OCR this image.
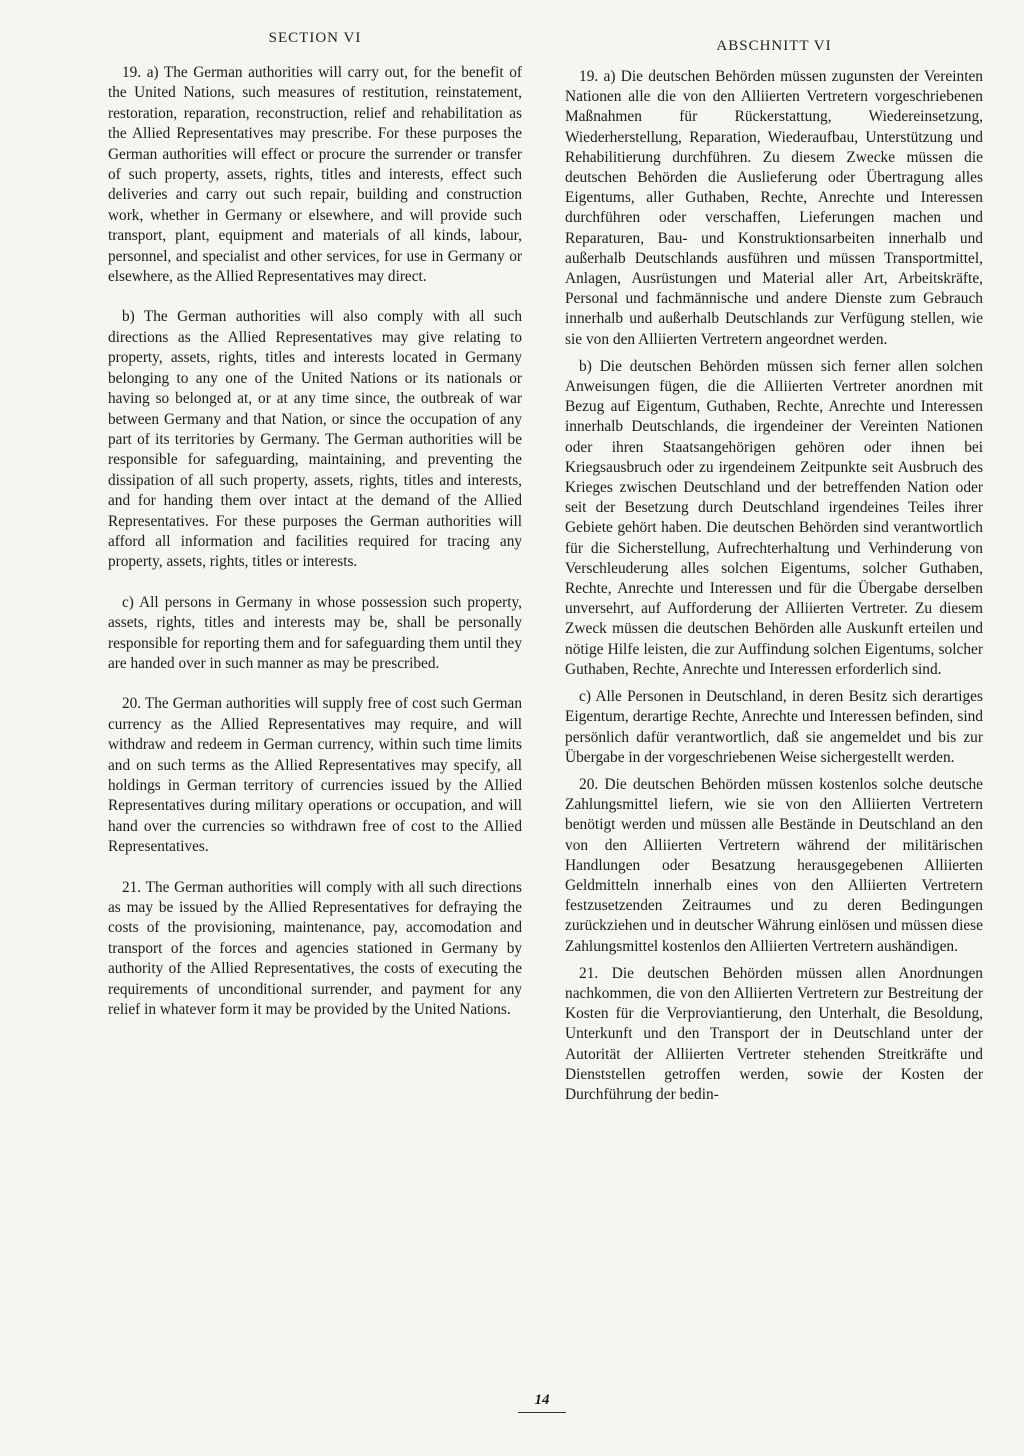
SECTION VI

19. a) The German authorities will carry out, for the benefit of the United Nations, such measures of restitution, reinstatement, restoration, reparation, reconstruction, relief and rehabilitation as the Allied Representatives may prescribe. For these purposes the German authorities will effect or procure the surrender or transfer of such property, assets, rights, titles and interests, effect such deliveries and carry out such repair, building and construction work, whether in Germany or elsewhere, and will provide such transport, plant, equipment and materials of all kinds, labour, personnel, and specialist and other services, for use in Germany or elsewhere, as the Allied Representatives may direct.

b) The German authorities will also comply with all such directions as the Allied Representatives may give relating to property, assets, rights, titles and interests located in Germany belonging to any one of the United Nations or its nationals or having so belonged at, or at any time since, the outbreak of war between Germany and that Nation, or since the occupation of any part of its territories by Germany. The German authorities will be responsible for safeguarding, maintaining, and preventing the dissipation of all such property, assets, rights, titles and interests, and for handing them over intact at the demand of the Allied Representatives. For these purposes the German authorities will afford all information and facilities required for tracing any property, assets, rights, titles or interests.

c) All persons in Germany in whose possession such property, assets, rights, titles and interests may be, shall be personally responsible for reporting them and for safeguarding them until they are handed over in such manner as may be prescribed.

20. The German authorities will supply free of cost such German currency as the Allied Representatives may require, and will withdraw and redeem in German currency, within such time limits and on such terms as the Allied Representatives may specify, all holdings in German territory of currencies issued by the Allied Representatives during military operations or occupation, and will hand over the currencies so withdrawn free of cost to the Allied Representatives.

21. The German authorities will comply with all such directions as may be issued by the Allied Representatives for defraying the costs of the provisioning, maintenance, pay, accomodation and transport of the forces and agencies stationed in Germany by authority of the Allied Representatives, the costs of executing the requirements of unconditional surrender, and payment for any relief in whatever form it may be provided by the United Nations.

ABSCHNITT VI

19. a) Die deutschen Behörden müssen zugunsten der Vereinten Nationen alle die von den Alliierten Vertretern vorgeschriebenen Maßnahmen für Rückerstattung, Wiedereinsetzung, Wiederherstellung, Reparation, Wiederaufbau, Unterstützung und Rehabilitierung durchführen. Zu diesem Zwecke müssen die deutschen Behörden die Auslieferung oder Übertragung alles Eigentums, aller Guthaben, Rechte, Anrechte und Interessen durchführen oder verschaffen, Lieferungen machen und Reparaturen, Bau- und Konstruktionsarbeiten innerhalb und außerhalb Deutschlands ausführen und müssen Transportmittel, Anlagen, Ausrüstungen und Material aller Art, Arbeitskräfte, Personal und fachmännische und andere Dienste zum Gebrauch innerhalb und außerhalb Deutschlands zur Verfügung stellen, wie sie von den Alliierten Vertretern angeordnet werden.

b) Die deutschen Behörden müssen sich ferner allen solchen Anweisungen fügen, die die Alliierten Vertreter anordnen mit Bezug auf Eigentum, Guthaben, Rechte, Anrechte und Interessen innerhalb Deutschlands, die irgendeiner der Vereinten Nationen oder ihren Staatsangehörigen gehören oder ihnen bei Kriegsausbruch oder zu irgendeinem Zeitpunkte seit Ausbruch des Krieges zwischen Deutschland und der betreffenden Nation oder seit der Besetzung durch Deutschland irgendeines Teiles ihrer Gebiete gehört haben. Die deutschen Behörden sind verantwortlich für die Sicherstellung, Aufrechterhaltung und Verhinderung von Verschleuderung alles solchen Eigentums, solcher Guthaben, Rechte, Anrechte und Interessen und für die Übergabe derselben unversehrt, auf Aufforderung der Alliierten Vertreter. Zu diesem Zweck müssen die deutschen Behörden alle Auskunft erteilen und nötige Hilfe leisten, die zur Auffindung solchen Eigentums, solcher Guthaben, Rechte, Anrechte und Interessen erforderlich sind.

c) Alle Personen in Deutschland, in deren Besitz sich derartiges Eigentum, derartige Rechte, Anrechte und Interessen befinden, sind persönlich dafür verantwortlich, daß sie angemeldet und bis zur Übergabe in der vorgeschriebenen Weise sichergestellt werden.

20. Die deutschen Behörden müssen kostenlos solche deutsche Zahlungsmittel liefern, wie sie von den Alliierten Vertretern benötigt werden und müssen alle Bestände in Deutschland an den von den Alliierten Vertretern während der militärischen Handlungen oder Besatzung herausgegebenen Alliierten Geldmitteln innerhalb eines von den Alliierten Vertretern festzusetzenden Zeitraumes und zu deren Bedingungen zurückziehen und in deutscher Währung einlösen und müssen diese Zahlungsmittel kostenlos den Alliierten Vertretern aushändigen.

21. Die deutschen Behörden müssen allen Anordnungen nachkommen, die von den Alliierten Vertretern zur Bestreitung der Kosten für die Verproviantierung, den Unterhalt, die Besoldung, Unterkunft und den Transport der in Deutschland unter der Autorität der Alliierten Vertreter stehenden Streitkräfte und Dienststellen getroffen werden, sowie der Kosten der Durchführung der bedin-

14
